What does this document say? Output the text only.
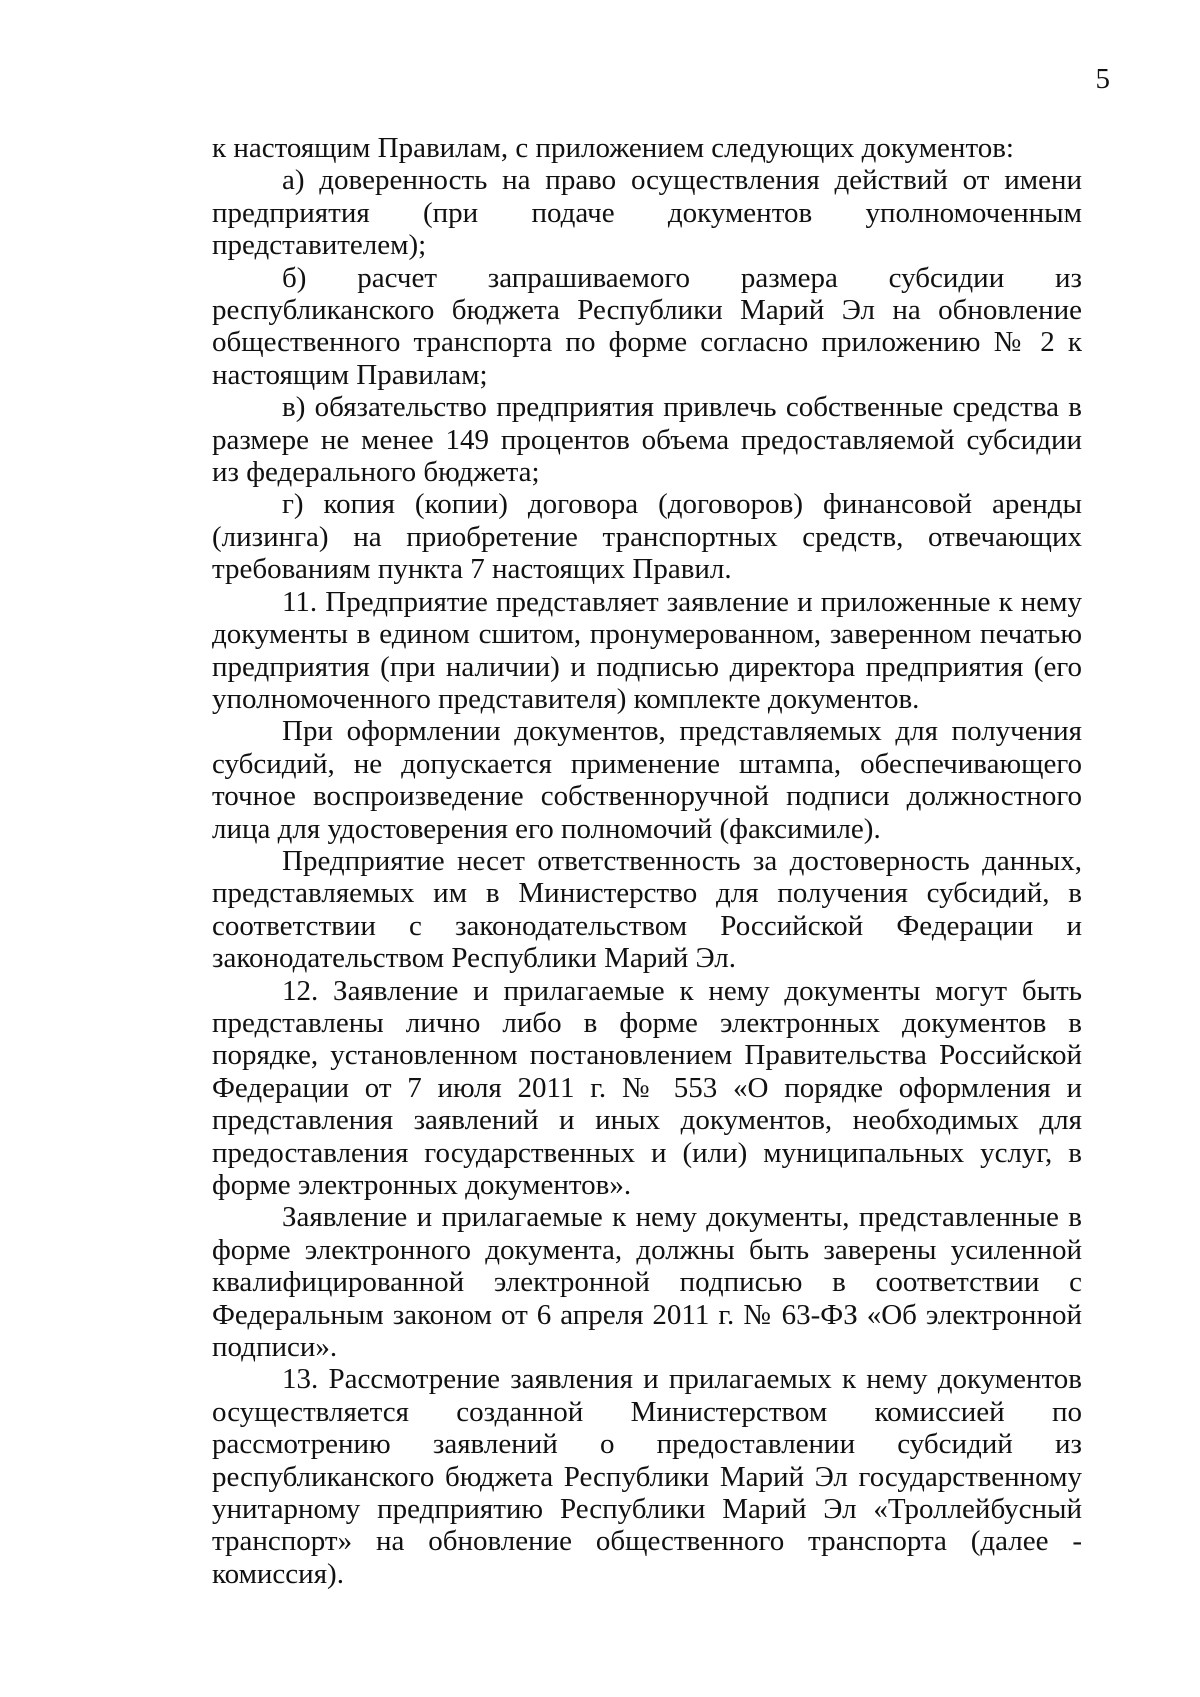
5

к настоящим Правилам, с приложением следующих документов:

а) доверенность на право осуществления действий от имени предприятия (при подаче документов уполномоченным представителем);

б) расчет запрашиваемого размера субсидии из республиканского бюджета Республики Марий Эл на обновление общественного транспорта по форме согласно приложению № 2 к настоящим Правилам;

в) обязательство предприятия привлечь собственные средства в размере не менее 149 процентов объема предоставляемой субсидии из федерального бюджета;

г) копия (копии) договора (договоров) финансовой аренды (лизинга) на приобретение транспортных средств, отвечающих требованиям пункта 7 настоящих Правил.

11. Предприятие представляет заявление и приложенные к нему документы в едином сшитом, пронумерованном, заверенном печатью предприятия (при наличии) и подписью директора предприятия (его уполномоченного представителя) комплекте документов.

При оформлении документов, представляемых для получения субсидий, не допускается применение штампа, обеспечивающего точное воспроизведение собственноручной подписи должностного лица для удостоверения его полномочий (факсимиле).

Предприятие несет ответственность за достоверность данных, представляемых им в Министерство для получения субсидий, в соответствии с законодательством Российской Федерации и законодательством Республики Марий Эл.

12. Заявление и прилагаемые к нему документы могут быть представлены лично либо в форме электронных документов в порядке, установленном постановлением Правительства Российской Федерации от 7 июля 2011 г. № 553 «О порядке оформления и представления заявлений и иных документов, необходимых для предоставления государственных и (или) муниципальных услуг, в форме электронных документов».

Заявление и прилагаемые к нему документы, представленные в форме электронного документа, должны быть заверены усиленной квалифицированной электронной подписью в соответствии с Федеральным законом от 6 апреля 2011 г. № 63-ФЗ «Об электронной подписи».

13. Рассмотрение заявления и прилагаемых к нему документов осуществляется созданной Министерством комиссией по рассмотрению заявлений о предоставлении субсидий из республиканского бюджета Республики Марий Эл государственному унитарному предприятию Республики Марий Эл «Троллейбусный транспорт» на обновление общественного транспорта (далее - комиссия).
